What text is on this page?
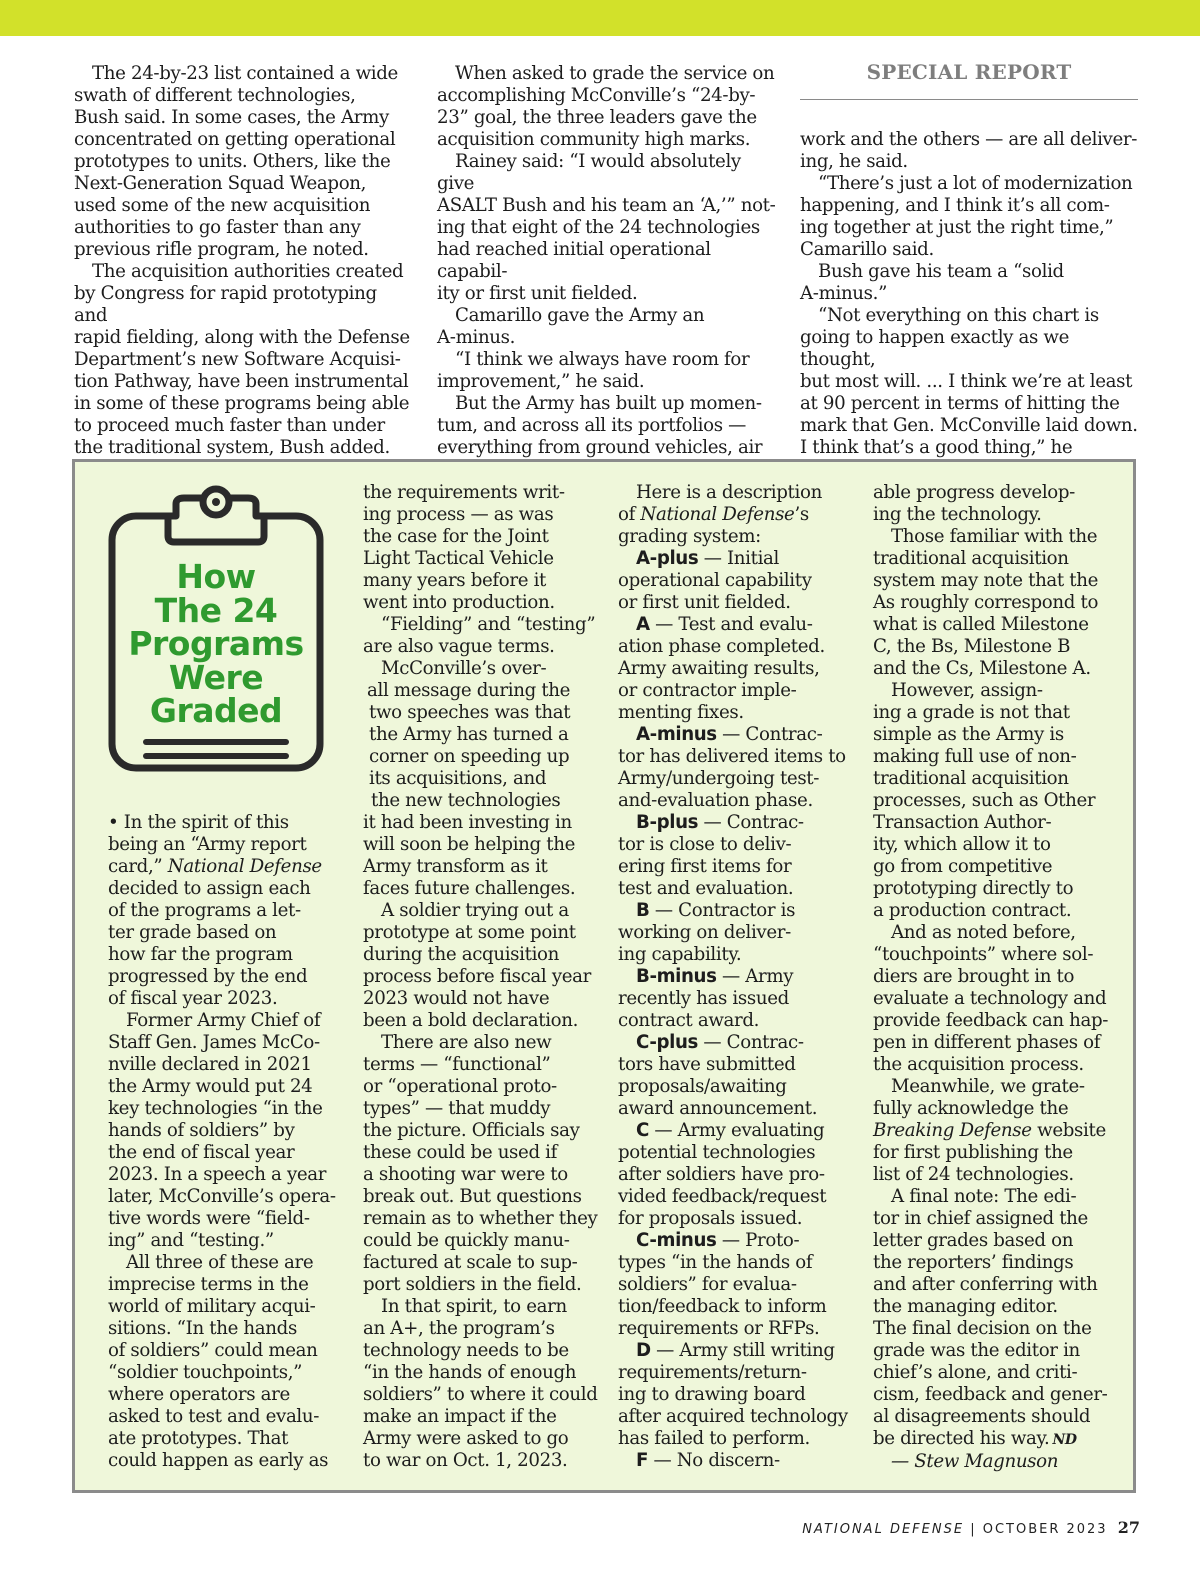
The 24-by-23 list contained a wide

swath of different technologies,

Bush said. In some cases, the Army

concentrated on getting operational

prototypes to units. Others, like the

Next-Generation Squad Weapon,

used some of the new acquisition

authorities to go faster than any

previous rifle program, he noted.

The acquisition authorities created

by Congress for rapid prototyping and

rapid fielding, along with the Defense

Department’s new Software Acquisi-

tion Pathway, have been instrumental

in some of these programs being able

to proceed much faster than under

the traditional system, Bush added.

When asked to grade the service on

accomplishing McConville’s “24-by-

23” goal, the three leaders gave the

acquisition community high marks.

Rainey said: “I would absolutely give

ASALT Bush and his team an ‘A,’” not-

ing that eight of the 24 technologies

had reached initial operational capabil-

ity or first unit fielded.

Camarillo gave the Army an

A-minus.

“I think we always have room for

improvement,” he said.

But the Army has built up momen-

tum, and across all its portfolios —

everything from ground vehicles, air

SPECIAL REPORT

work and the others — are all deliver-

ing, he said.

“There’s just a lot of modernization

happening, and I think it’s all com-

ing together at just the right time,”

Camarillo said.

Bush gave his team a “solid

A-minus.”

“Not everything on this chart is

going to happen exactly as we thought,

but most will. ... I think we’re at least

at 90 percent in terms of hitting the

mark that Gen. McConville laid down.

I think that’s a good thing,” he

How
The 24
Programs
Were
Graded

• In the spirit of this

being an “Army report

card,” National Defense

decided to assign each

of the programs a let-

ter grade based on

how far the program

progressed by the end

of fiscal year 2023.

Former Army Chief of

Staff Gen. James McCo-

nville declared in 2021

the Army would put 24

key technologies “in the

hands of soldiers” by

the end of fiscal year

2023. In a speech a year

later, McConville’s opera-

tive words were “field-

ing” and “testing.”

All three of these are

imprecise terms in the

world of military acqui-

sitions. “In the hands

of soldiers” could mean

“soldier touchpoints,”

where operators are

asked to test and evalu-

ate prototypes. That

could happen as early as

the requirements writ-

ing process — as was

the case for the Joint

Light Tactical Vehicle

many years before it

went into production.

“Fielding” and “testing”

are also vague terms.

McConville’s over-

all message during the

two speeches was that

the Army has turned a

corner on speeding up

its acquisitions, and

the new technologies

it had been investing in

will soon be helping the

Army transform as it

faces future challenges.

A soldier trying out a

prototype at some point

during the acquisition

process before fiscal year

2023 would not have

been a bold declaration.

There are also new

terms — “functional”

or “operational proto-

types” — that muddy

the picture. Officials say

these could be used if

a shooting war were to

break out. But questions

remain as to whether they

could be quickly manu-

factured at scale to sup-

port soldiers in the field.

In that spirit, to earn

an A+, the program’s

technology needs to be

“in the hands of enough

soldiers” to where it could

make an impact if the

Army were asked to go

to war on Oct. 1, 2023.

Here is a description

of National Defense’s

grading system:

A-plus — Initial

operational capability

or first unit fielded.

A — Test and evalu-

ation phase completed.

Army awaiting results,

or contractor imple-

menting fixes.

A-minus — Contrac-

tor has delivered items to

Army/undergoing test-

and-evaluation phase.

B-plus — Contrac-

tor is close to deliv-

ering first items for

test and evaluation.

B — Contractor is

working on deliver-

ing capability.

B-minus — Army

recently has issued

contract award.

C-plus — Contrac-

tors have submitted

proposals/awaiting

award announcement.

C — Army evaluating

potential technologies

after soldiers have pro-

vided feedback/request

for proposals issued.

C-minus — Proto-

types “in the hands of

soldiers” for evalua-

tion/feedback to inform

requirements or RFPs.

D — Army still writing

requirements/return-

ing to drawing board

after acquired technology

has failed to perform.

F — No discern-

able progress develop-

ing the technology.

Those familiar with the

traditional acquisition

system may note that the

As roughly correspond to

what is called Milestone

C, the Bs, Milestone B

and the Cs, Milestone A.

However, assign-

ing a grade is not that

simple as the Army is

making full use of non-

traditional acquisition

processes, such as Other

Transaction Author-

ity, which allow it to

go from competitive

prototyping directly to

a production contract.

And as noted before,

“touchpoints” where sol-

diers are brought in to

evaluate a technology and

provide feedback can hap-

pen in different phases of

the acquisition process.

Meanwhile, we grate-

fully acknowledge the

Breaking Defense website

for first publishing the

list of 24 technologies.

A final note: The edi-

tor in chief assigned the

letter grades based on

the reporters’ findings

and after conferring with

the managing editor.

The final decision on the

grade was the editor in

chief’s alone, and criti-

cism, feedback and gener-

al disagreements should

be directed his way. ND

— Stew Magnuson

NATIONAL DEFENSE | OCTOBER 2023 27
